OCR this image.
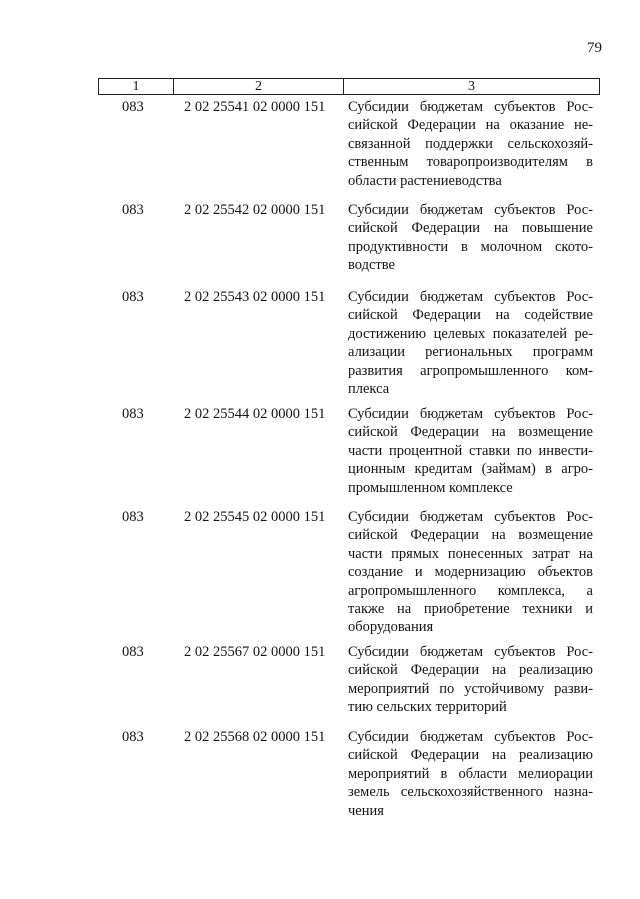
79
1	2	3
083	2 02 25541 02 0000 151	Субсидии бюджетам субъектов Рос-
сийской Федерации на оказание не-
связанной поддержки сельскохозяй-
ственным товаропроизводителям в
области растениеводства
083	2 02 25542 02 0000 151	Субсидии бюджетам субъектов Рос-
сийской Федерации на повышение
продуктивности в молочном ското-
водстве
083	2 02 25543 02 0000 151	Субсидии бюджетам субъектов Рос-
сийской Федерации на содействие
достижению целевых показателей ре-
ализации региональных программ
развития агропромышленного ком-
плекса
083	2 02 25544 02 0000 151	Субсидии бюджетам субъектов Рос-
сийской Федерации на возмещение
части процентной ставки по инвести-
ционным кредитам (займам) в агро-
промышленном комплексе
083	2 02 25545 02 0000 151	Субсидии бюджетам субъектов Рос-
сийской Федерации на возмещение
части прямых понесенных затрат на
создание и модернизацию объектов
агропромышленного комплекса, а
также на приобретение техники и
оборудования
083	2 02 25567 02 0000 151	Субсидии бюджетам субъектов Рос-
сийской Федерации на реализацию
мероприятий по устойчивому разви-
тию сельских территорий
083	2 02 25568 02 0000 151	Субсидии бюджетам субъектов Рос-
сийской Федерации на реализацию
мероприятий в области мелиорации
земель сельскохозяйственного назна-
чения
